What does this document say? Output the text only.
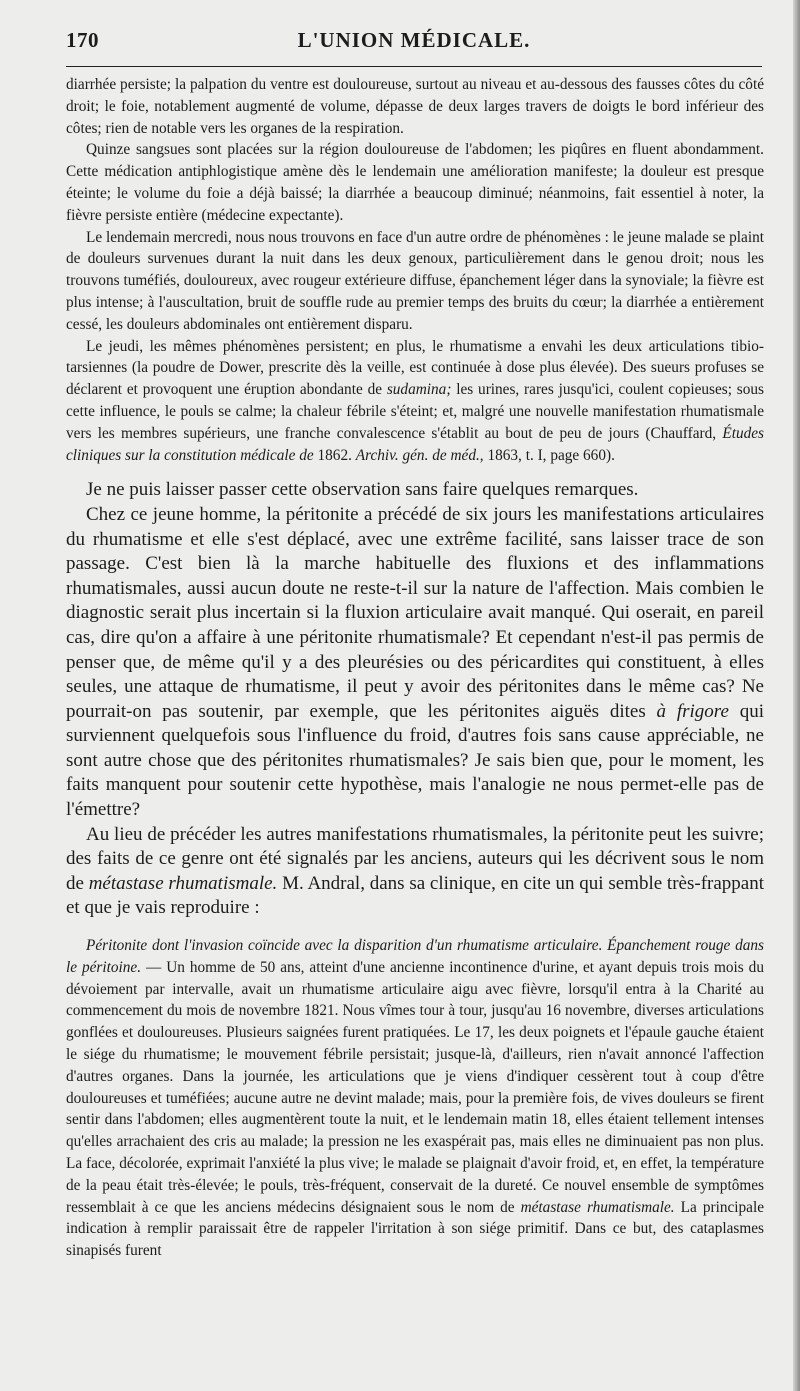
170	L'UNION MÉDICALE.

diarrhée persiste; la palpation du ventre est douloureuse, surtout au niveau et au-dessous des fausses côtes du côté droit; le foie, notablement augmenté de volume, dépasse de deux larges travers de doigts le bord inférieur des côtes; rien de notable vers les organes de la respiration.

Quinze sangsues sont placées sur la région douloureuse de l'abdomen; les piqûres en fluent abondamment. Cette médication antiphlogistique amène dès le lendemain une amélioration manifeste; la douleur est presque éteinte; le volume du foie a déjà baissé; la diarrhée a beaucoup diminué; néanmoins, fait essentiel à noter, la fièvre persiste entière (médecine expectante).

Le lendemain mercredi, nous nous trouvons en face d'un autre ordre de phénomènes : le jeune malade se plaint de douleurs survenues durant la nuit dans les deux genoux, particulièrement dans le genou droit; nous les trouvons tuméfiés, douloureux, avec rougeur extérieure diffuse, épanchement léger dans la synoviale; la fièvre est plus intense; à l'auscultation, bruit de souffle rude au premier temps des bruits du cœur; la diarrhée a entièrement cessé, les douleurs abdominales ont entièrement disparu.

Le jeudi, les mêmes phénomènes persistent; en plus, le rhumatisme a envahi les deux articulations tibio-tarsiennes (la poudre de Dower, prescrite dès la veille, est continuée à dose plus élevée). Des sueurs profuses se déclarent et provoquent une éruption abondante de sudamina; les urines, rares jusqu'ici, coulent copieuses; sous cette influence, le pouls se calme; la chaleur fébrile s'éteint; et, malgré une nouvelle manifestation rhumatismale vers les membres supérieurs, une franche convalescence s'établit au bout de peu de jours (Chauffard, Études cliniques sur la constitution médicale de 1862. Archiv. gén. de méd., 1863, t. I, page 660).

Je ne puis laisser passer cette observation sans faire quelques remarques.

Chez ce jeune homme, la péritonite a précédé de six jours les manifestations articulaires du rhumatisme et elle s'est déplacé, avec une extrême facilité, sans laisser trace de son passage. C'est bien là la marche habituelle des fluxions et des inflammations rhumatismales, aussi aucun doute ne reste-t-il sur la nature de l'affection. Mais combien le diagnostic serait plus incertain si la fluxion articulaire avait manqué. Qui oserait, en pareil cas, dire qu'on a affaire à une péritonite rhumatismale? Et cependant n'est-il pas permis de penser que, de même qu'il y a des pleurésies ou des péricardites qui constituent, à elles seules, une attaque de rhumatisme, il peut y avoir des péritonites dans le même cas? Ne pourrait-on pas soutenir, par exemple, que les péritonites aiguës dites à frigore qui surviennent quelquefois sous l'influence du froid, d'autres fois sans cause appréciable, ne sont autre chose que des péritonites rhumatismales? Je sais bien que, pour le moment, les faits manquent pour soutenir cette hypothèse, mais l'analogie ne nous permet-elle pas de l'émettre?

Au lieu de précéder les autres manifestations rhumatismales, la péritonite peut les suivre; des faits de ce genre ont été signalés par les anciens, auteurs qui les décrivent sous le nom de métastase rhumatismale. M. Andral, dans sa clinique, en cite un qui semble très-frappant et que je vais reproduire :

Péritonite dont l'invasion coïncide avec la disparition d'un rhumatisme articulaire. Épanchement rouge dans le péritoine. — Un homme de 50 ans, atteint d'une ancienne incontinence d'urine, et ayant depuis trois mois du dévoiement par intervalle, avait un rhumatisme articulaire aigu avec fièvre, lorsqu'il entra à la Charité au commencement du mois de novembre 1821. Nous vîmes tour à tour, jusqu'au 16 novembre, diverses articulations gonflées et douloureuses. Plusieurs saignées furent pratiquées. Le 17, les deux poignets et l'épaule gauche étaient le siége du rhumatisme; le mouvement fébrile persistait; jusque-là, d'ailleurs, rien n'avait annoncé l'affection d'autres organes. Dans la journée, les articulations que je viens d'indiquer cessèrent tout à coup d'être douloureuses et tuméfiées; aucune autre ne devint malade; mais, pour la première fois, de vives douleurs se firent sentir dans l'abdomen; elles augmentèrent toute la nuit, et le lendemain matin 18, elles étaient tellement intenses qu'elles arrachaient des cris au malade; la pression ne les exaspérait pas, mais elles ne diminuaient pas non plus. La face, décolorée, exprimait l'anxiété la plus vive; le malade se plaignait d'avoir froid, et, en effet, la température de la peau était très-élevée; le pouls, très-fréquent, conservait de la dureté. Ce nouvel ensemble de symptômes ressemblait à ce que les anciens médecins désignaient sous le nom de métastase rhumatismale. La principale indication à remplir paraissait être de rappeler l'irritation à son siége primitif. Dans ce but, des cataplasmes sinapisés furent
